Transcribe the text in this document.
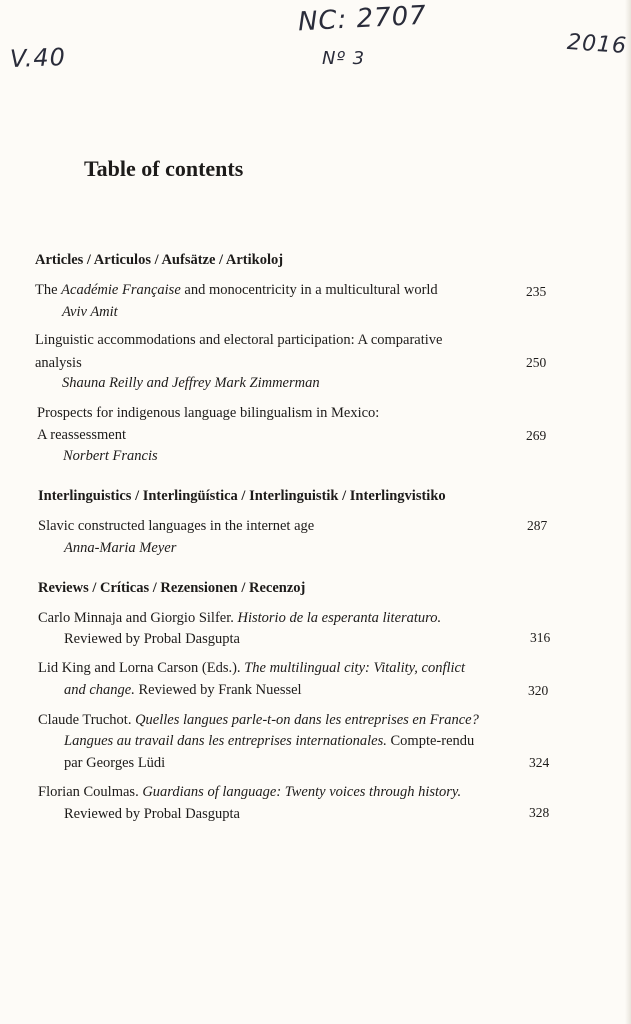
V.40
NC: 2707
Nº 3	2016
Table of contents
Articles / Articulos / Aufsätze / Artikoloj
The Académie Française and monocentricity in a multicultural world
Aviv Amit
235
Linguistic accommodations and electoral participation: A comparative
analysis
Shauna Reilly and Jeffrey Mark Zimmerman
250
Prospects for indigenous language bilingualism in Mexico:
A reassessment
Norbert Francis
269
Interlinguistics / Interlingüística / Interlinguistik / Interlingvistiko
Slavic constructed languages in the internet age
Anna-Maria Meyer
287
Reviews / Críticas / Rezensionen / Recenzoj
Carlo Minnaja and Giorgio Silfer. Historio de la esperanta literaturo.
Reviewed by Probal Dasgupta	316
Lid King and Lorna Carson (Eds.). The multilingual city: Vitality, conflict
and change. Reviewed by Frank Nuessel	320
Claude Truchot. Quelles langues parle-t-on dans les entreprises en France?
Langues au travail dans les entreprises internationales. Compte-rendu
par Georges Lüdi	324
Florian Coulmas. Guardians of language: Twenty voices through history.
Reviewed by Probal Dasgupta	328
